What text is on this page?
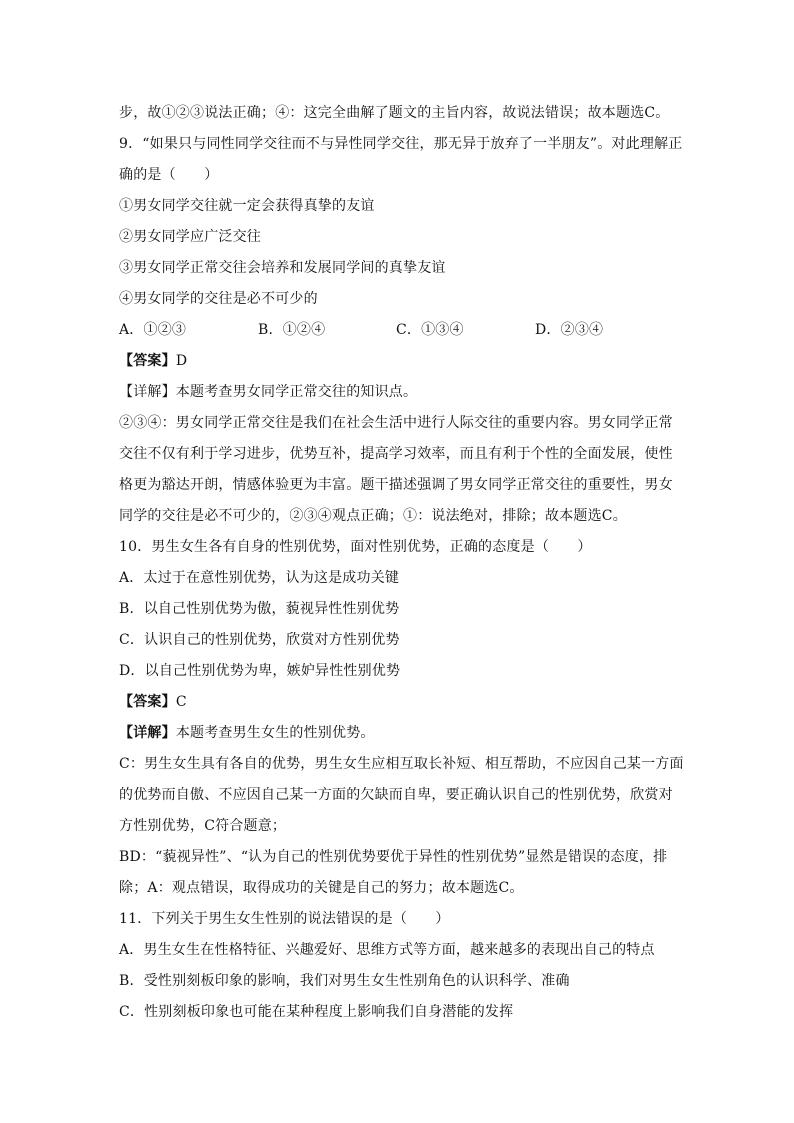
步，故①②③说法正确；④：这完全曲解了题文的主旨内容，故说法错误；故本题选C。
9．“如果只与同性同学交往而不与异性同学交往，那无异于放弃了一半朋友”。对此理解正
确的是（　　）
①男女同学交往就一定会获得真挚的友谊
②男女同学应广泛交往
③男女同学正常交往会培养和发展同学间的真挚友谊
④男女同学的交往是必不可少的
A．①②③	B．①②④	C．①③④	D．②③④
【答案】D
【详解】本题考查男女同学正常交往的知识点。
②③④：男女同学正常交往是我们在社会生活中进行人际交往的重要内容。男女同学正常
交往不仅有利于学习进步，优势互补，提高学习效率，而且有利于个性的全面发展，使性
格更为豁达开朗，情感体验更为丰富。题干描述强调了男女同学正常交往的重要性，男女
同学的交往是必不可少的，②③④观点正确；①：说法绝对，排除；故本题选C。
10．男生女生各有自身的性别优势，面对性别优势，正确的态度是（　　）
A．太过于在意性别优势，认为这是成功关键
B．以自己性别优势为傲，藐视异性性别优势
C．认识自己的性别优势，欣赏对方性别优势
D．以自己性别优势为卑，嫉妒异性性别优势
【答案】C
【详解】本题考查男生女生的性别优势。
C：男生女生具有各自的优势，男生女生应相互取长补短、相互帮助，不应因自己某一方面
的优势而自傲、不应因自己某一方面的欠缺而自卑，要正确认识自己的性别优势，欣赏对
方性别优势，C符合题意；
BD：“藐视异性”、“认为自己的性别优势要优于异性的性别优势”显然是错误的态度，排
除；A：观点错误，取得成功的关键是自己的努力；故本题选C。
11．下列关于男生女生性别的说法错误的是（　　）
A．男生女生在性格特征、兴趣爱好、思维方式等方面，越来越多的表现出自己的特点
B．受性别刻板印象的影响，我们对男生女生性别角色的认识科学、准确
C．性别刻板印象也可能在某种程度上影响我们自身潜能的发挥
